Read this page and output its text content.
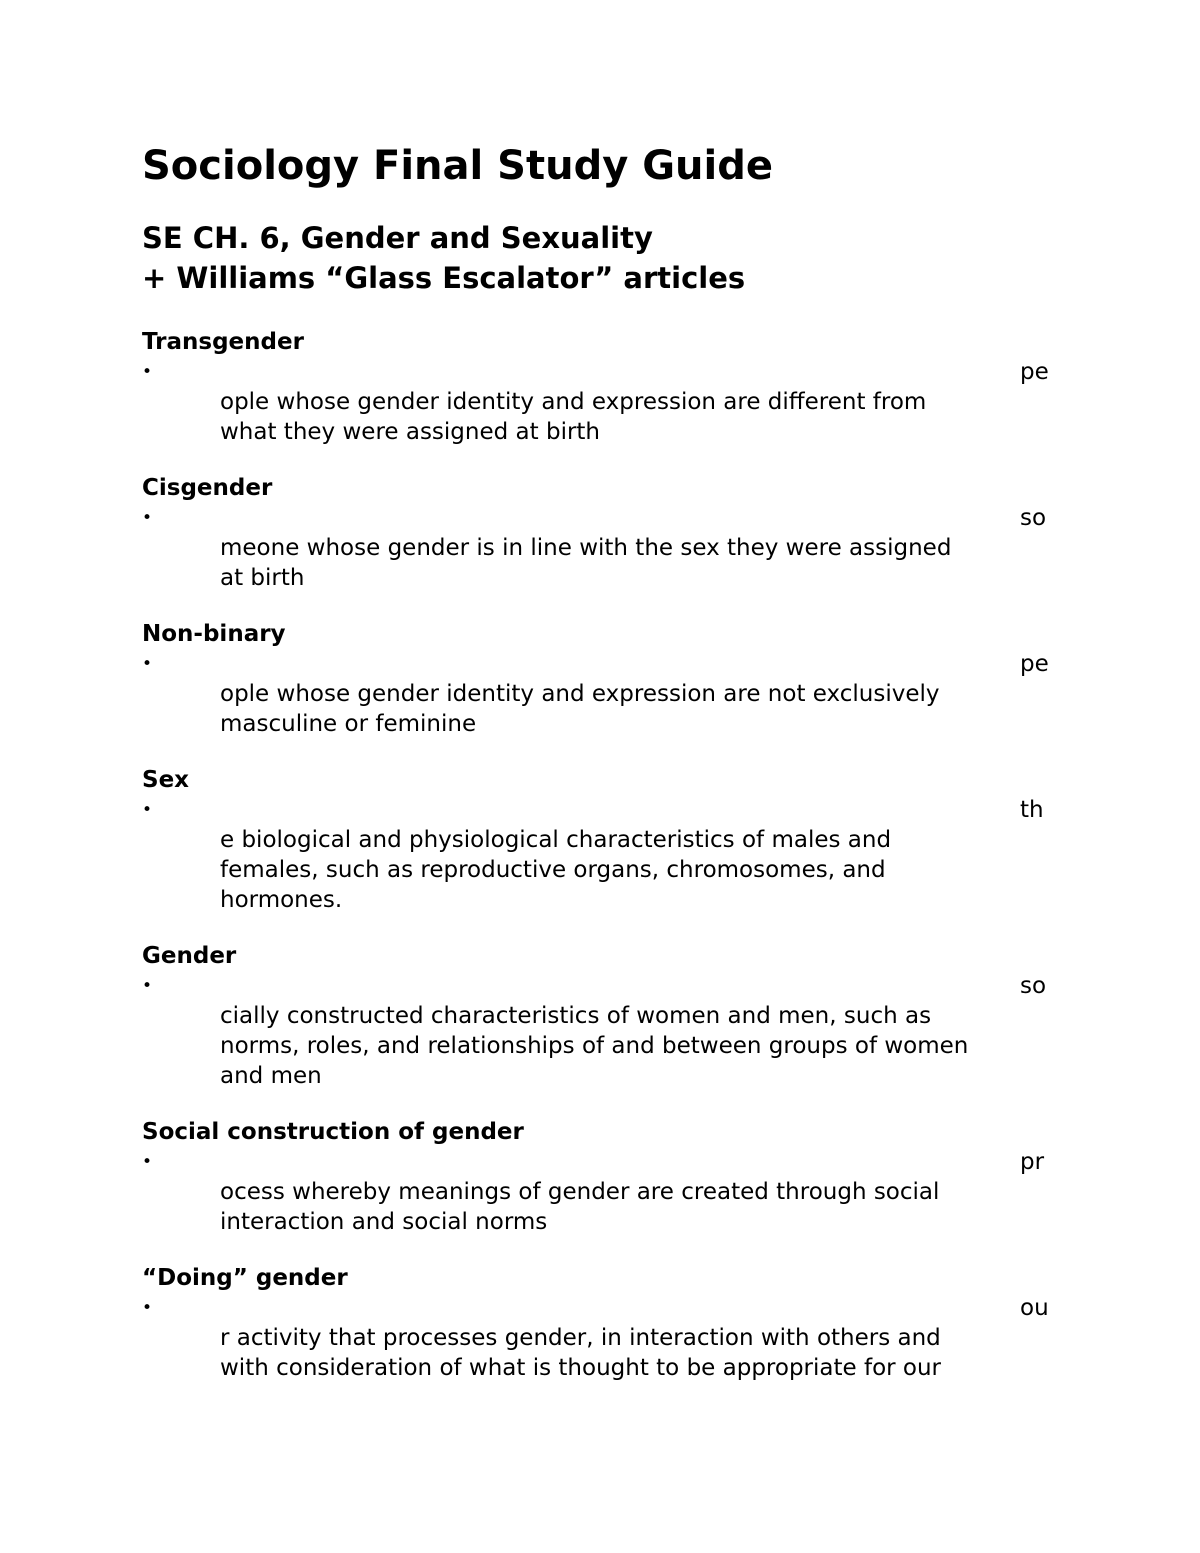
Sociology Final Study Guide
SE CH. 6, Gender and Sexuality
+ Williams “Glass Escalator” articles
Transgender
•	pe
ople whose gender identity and expression are different from
what they were assigned at birth
Cisgender
•	so
meone whose gender is in line with the sex they were assigned
at birth
Non-binary
•	pe
ople whose gender identity and expression are not exclusively
masculine or feminine
Sex
•	th
e biological and physiological characteristics of males and
females, such as reproductive organs, chromosomes, and
hormones.
Gender
•	so
cially constructed characteristics of women and men, such as
norms, roles, and relationships of and between groups of women
and men
Social construction of gender
•	pr
ocess whereby meanings of gender are created through social
interaction and social norms
“Doing” gender
•	ou
r activity that processes gender, in interaction with others and
with consideration of what is thought to be appropriate for our
